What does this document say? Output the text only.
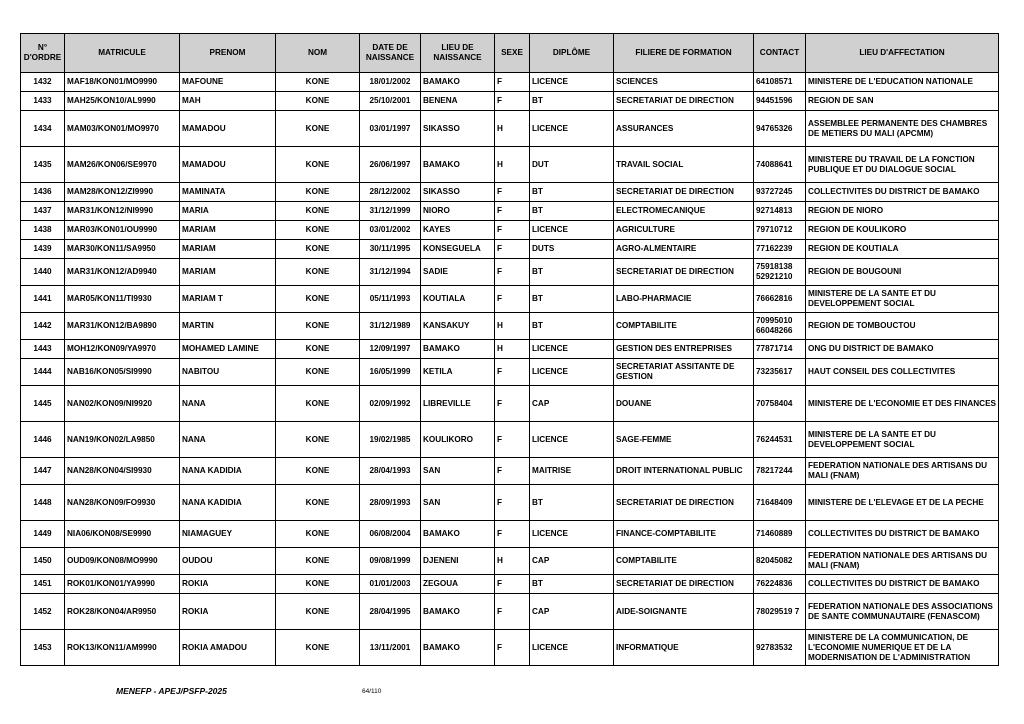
N° D'ORDRE	MATRICULE	PRENOM	NOM	DATE DE NAISSANCE	LIEU DE NAISSANCE	SEXE	DIPLÔME	FILIERE DE FORMATION	CONTACT	LIEU D'AFFECTATION
1432	MAF18/KON01/MO9990	MAFOUNE	KONE	18/01/2002	BAMAKO	F	LICENCE	SCIENCES	64108571	MINISTERE DE L'EDUCATION NATIONALE
1433	MAH25/KON10/AL9990	MAH	KONE	25/10/2001	BENENA	F	BT	SECRETARIAT DE DIRECTION	94451596	REGION DE SAN
1434	MAM03/KON01/MO9970	MAMADOU	KONE	03/01/1997	SIKASSO	H	LICENCE	ASSURANCES	94765326	ASSEMBLEE PERMANENTE DES CHAMBRES DE METIERS DU MALI (APCMM)
1435	MAM26/KON06/SE9970	MAMADOU	KONE	26/06/1997	BAMAKO	H	DUT	TRAVAIL SOCIAL	74088641	MINISTERE DU TRAVAIL DE LA FONCTION PUBLIQUE ET DU DIALOGUE SOCIAL
1436	MAM28/KON12/ZI9990	MAMINATA	KONE	28/12/2002	SIKASSO	F	BT	SECRETARIAT DE DIRECTION	93727245	COLLECTIVITES DU DISTRICT DE BAMAKO
1437	MAR31/KON12/NI9990	MARIA	KONE	31/12/1999	NIORO	F	BT	ELECTROMECANIQUE	92714813	REGION DE NIORO
1438	MAR03/KON01/OU9990	MARIAM	KONE	03/01/2002	KAYES	F	LICENCE	AGRICULTURE	79710712	REGION DE KOULIKORO
1439	MAR30/KON11/SA9950	MARIAM	KONE	30/11/1995	KONSEGUELA	F	DUTS	AGRO-ALMENTAIRE	77162239	REGION DE KOUTIALA
1440	MAR31/KON12/AD9940	MARIAM	KONE	31/12/1994	SADIE	F	BT	SECRETARIAT DE DIRECTION	75918138 52921210	REGION DE BOUGOUNI
1441	MAR05/KON11/TI9930	MARIAM T	KONE	05/11/1993	KOUTIALA	F	BT	LABO-PHARMACIE	76662816	MINISTERE DE LA SANTE ET DU DEVELOPPEMENT SOCIAL
1442	MAR31/KON12/BA9890	MARTIN	KONE	31/12/1989	KANSAKUY	H	BT	COMPTABILITE	70995010 66048266	REGION DE TOMBOUCTOU
1443	MOH12/KON09/YA9970	MOHAMED LAMINE	KONE	12/09/1997	BAMAKO	H	LICENCE	GESTION DES ENTREPRISES	77871714	ONG DU DISTRICT DE BAMAKO
1444	NAB16/KON05/SI9990	NABITOU	KONE	16/05/1999	KETILA	F	LICENCE	SECRETARIAT ASSITANTE DE GESTION	73235617	HAUT CONSEIL DES COLLECTIVITES
1445	NAN02/KON09/NI9920	NANA	KONE	02/09/1992	LIBREVILLE	F	CAP	DOUANE	70758404	MINISTERE DE L'ECONOMIE ET DES FINANCES
1446	NAN19/KON02/LA9850	NANA	KONE	19/02/1985	KOULIKORO	F	LICENCE	SAGE-FEMME	76244531	MINISTERE DE LA SANTE ET DU DEVELOPPEMENT SOCIAL
1447	NAN28/KON04/SI9930	NANA KADIDIA	KONE	28/04/1993	SAN	F	MAITRISE	DROIT INTERNATIONAL PUBLIC	78217244	FEDERATION NATIONALE DES ARTISANS DU MALI (FNAM)
1448	NAN28/KON09/FO9930	NANA KADIDIA	KONE	28/09/1993	SAN	F	BT	SECRETARIAT DE DIRECTION	71648409	MINISTERE DE L'ELEVAGE ET DE LA PECHE
1449	NIA06/KON08/SE9990	NIAMAGUEY	KONE	06/08/2004	BAMAKO	F	LICENCE	FINANCE-COMPTABILITE	71460889	COLLECTIVITES DU DISTRICT DE BAMAKO
1450	OUD09/KON08/MO9990	OUDOU	KONE	09/08/1999	DJENENI	H	CAP	COMPTABILITE	82045082	FEDERATION NATIONALE DES ARTISANS DU MALI (FNAM)
1451	ROK01/KON01/YA9990	ROKIA	KONE	01/01/2003	ZEGOUA	F	BT	SECRETARIAT DE DIRECTION	76224836	COLLECTIVITES DU DISTRICT DE BAMAKO
1452	ROK28/KON04/AR9950	ROKIA	KONE	28/04/1995	BAMAKO	F	CAP	AIDE-SOIGNANTE	78029519 7	FEDERATION NATIONALE DES ASSOCIATIONS DE SANTE COMMUNAUTAIRE (FENASCOM)
1453	ROK13/KON11/AM9990	ROKIA AMADOU	KONE	13/11/2001	BAMAKO	F	LICENCE	INFORMATIQUE	92783532	MINISTERE DE LA COMMUNICATION, DE L'ECONOMIE NUMERIQUE ET DE LA MODERNISATION DE L'ADMINISTRATION
MENEFP - APEJ/PSFP-2025	64/110
